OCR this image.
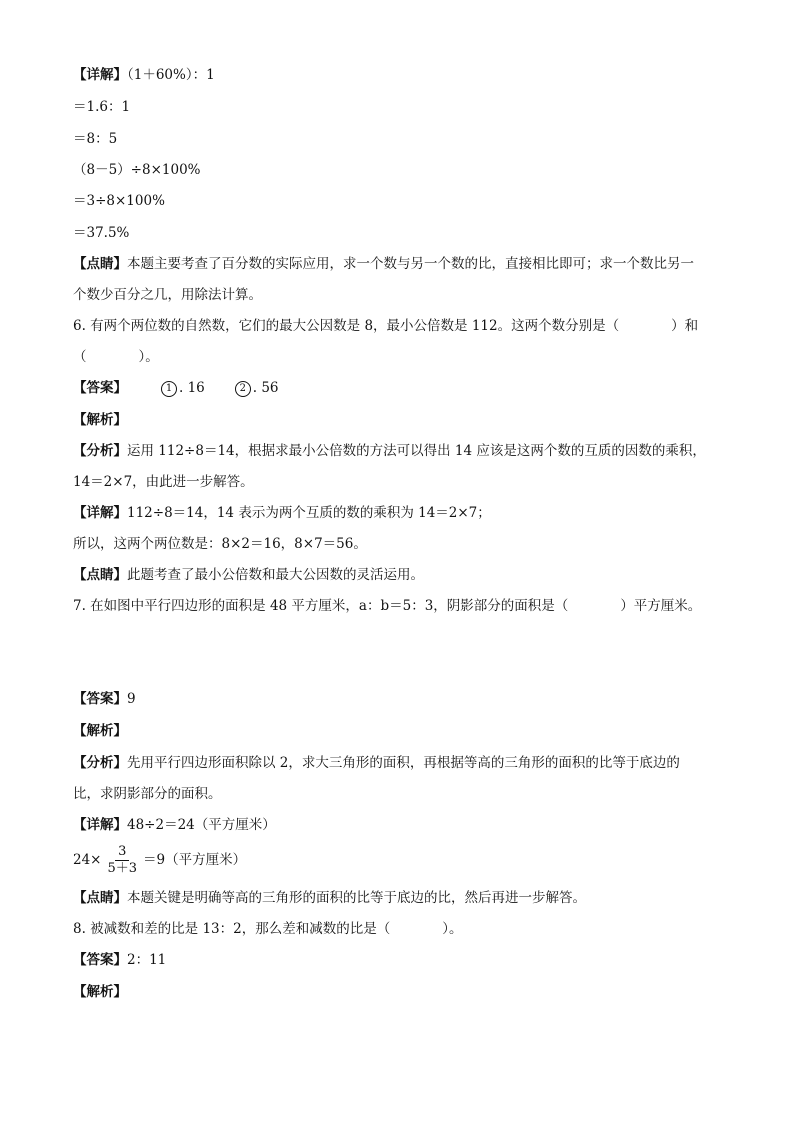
【详解】（1＋60%）：1
＝1.6：1
＝8：5
（8－5）÷8×100%
＝3÷8×100%
＝37.5%
【点睛】本题主要考查了百分数的实际应用，求一个数与另一个数的比，直接相比即可；求一个数比另一
个数少百分之几，用除法计算。
6. 有两个两位数的自然数，它们的最大公因数是 8，最小公倍数是 112。这两个数分别是（	）和
（	）。
【答案】	1 . 16	2 . 56
【解析】
【分析】运用 112÷8＝14，根据求最小公倍数的方法可以得出 14 应该是这两个数的互质的因数的乘积，
14＝2×7，由此进一步解答。
【详解】112÷8＝14，14 表示为两个互质的数的乘积为 14＝2×7；
所以，这两个两位数是：8×2＝16，8×7＝56。
【点睛】此题考查了最小公倍数和最大公因数的灵活运用。
7. 在如图中平行四边形的面积是 48 平方厘米，a：b＝5：3，阴影部分的面积是（	）平方厘米。
【答案】9
【解析】
【分析】先用平行四边形面积除以 2，求大三角形的面积，再根据等高的三角形的面积的比等于底边的
比，求阴影部分的面积。
【详解】48÷2＝24（平方厘米）
$24\times \frac{3}{5+3} =9$（平方厘米）
【点睛】本题关键是明确等高的三角形的面积的比等于底边的比，然后再进一步解答。
8. 被减数和差的比是 13：2，那么差和减数的比是（	）。
【答案】2：11
【解析】
